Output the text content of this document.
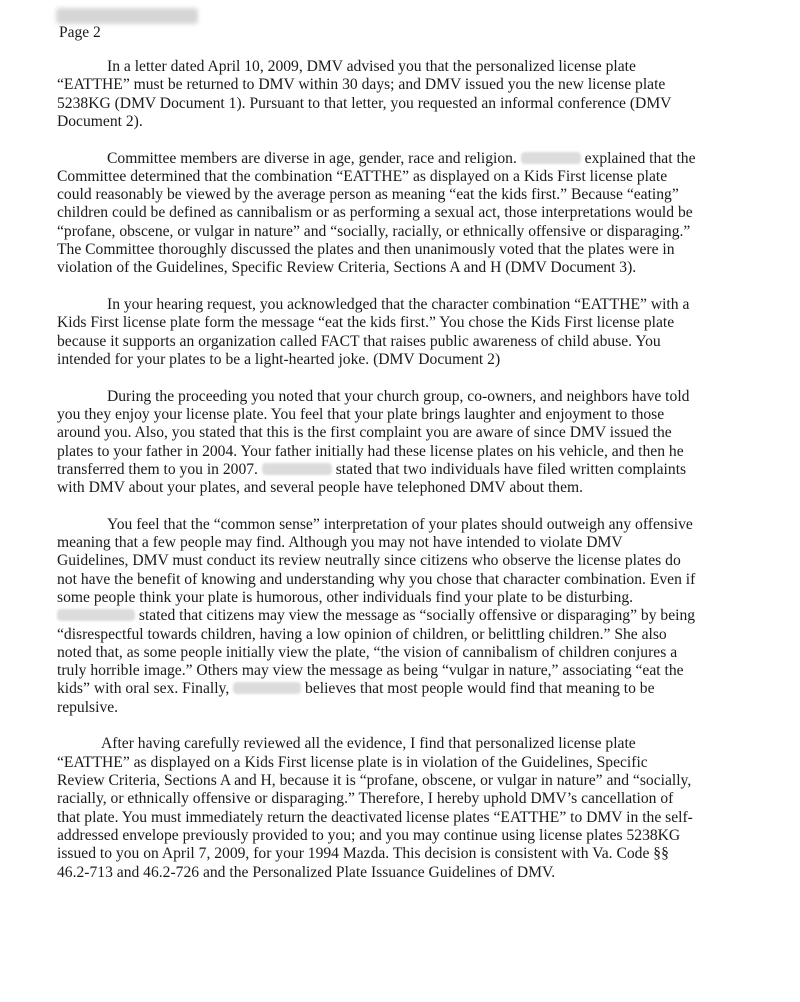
Page 2

In a letter dated April 10, 2009, DMV advised you that the personalized license plate “EATTHE” must be returned to DMV within 30 days; and DMV issued you the new license plate 5238KG (DMV Document 1). Pursuant to that letter, you requested an informal conference (DMV Document 2).

Committee members are diverse in age, gender, race and religion.	explained that the Committee determined that the combination “EATTHE” as displayed on a Kids First license plate could reasonably be viewed by the average person as meaning “eat the kids first.” Because “eating” children could be defined as cannibalism or as performing a sexual act, those interpretations would be “profane, obscene, or vulgar in nature” and “socially, racially, or ethnically offensive or disparaging.” The Committee thoroughly discussed the plates and then unanimously voted that the plates were in violation of the Guidelines, Specific Review Criteria, Sections A and H (DMV Document 3).

In your hearing request, you acknowledged that the character combination “EATTHE” with a Kids First license plate form the message “eat the kids first.” You chose the Kids First license plate because it supports an organization called FACT that raises public awareness of child abuse. You intended for your plates to be a light-hearted joke. (DMV Document 2)

During the proceeding you noted that your church group, co-owners, and neighbors have told you they enjoy your license plate. You feel that your plate brings laughter and enjoyment to those around you. Also, you stated that this is the first complaint you are aware of since DMV issued the plates to your father in 2004. Your father initially had these license plates on his vehicle, and then he transferred them to you in 2007.	stated that two individuals have filed written complaints with DMV about your plates, and several people have telephoned DMV about them.

You feel that the “common sense” interpretation of your plates should outweigh any offensive meaning that a few people may find. Although you may not have intended to violate DMV Guidelines, DMV must conduct its review neutrally since citizens who observe the license plates do not have the benefit of knowing and understanding why you chose that character combination. Even if some people think your plate is humorous, other individuals find your plate to be disturbing.  stated that citizens may view the message as “socially offensive or disparaging” by being “disrespectful towards children, having a low opinion of children, or belittling children.” She also noted that, as some people initially view the plate, “the vision of cannibalism of children conjures a truly horrible image.” Others may view the message as being “vulgar in nature,” associating “eat the kids” with oral sex. Finally,	believes that most people would find that meaning to be repulsive.

After having carefully reviewed all the evidence, I find that personalized license plate “EATTHE” as displayed on a Kids First license plate is in violation of the Guidelines, Specific Review Criteria, Sections A and H, because it is “profane, obscene, or vulgar in nature” and “socially, racially, or ethnically offensive or disparaging.” Therefore, I hereby uphold DMV’s cancellation of that plate. You must immediately return the deactivated license plates “EATTHE” to DMV in the self-addressed envelope previously provided to you; and you may continue using license plates 5238KG issued to you on April 7, 2009, for your 1994 Mazda. This decision is consistent with Va. Code §§ 46.2-713 and 46.2-726 and the Personalized Plate Issuance Guidelines of DMV.
